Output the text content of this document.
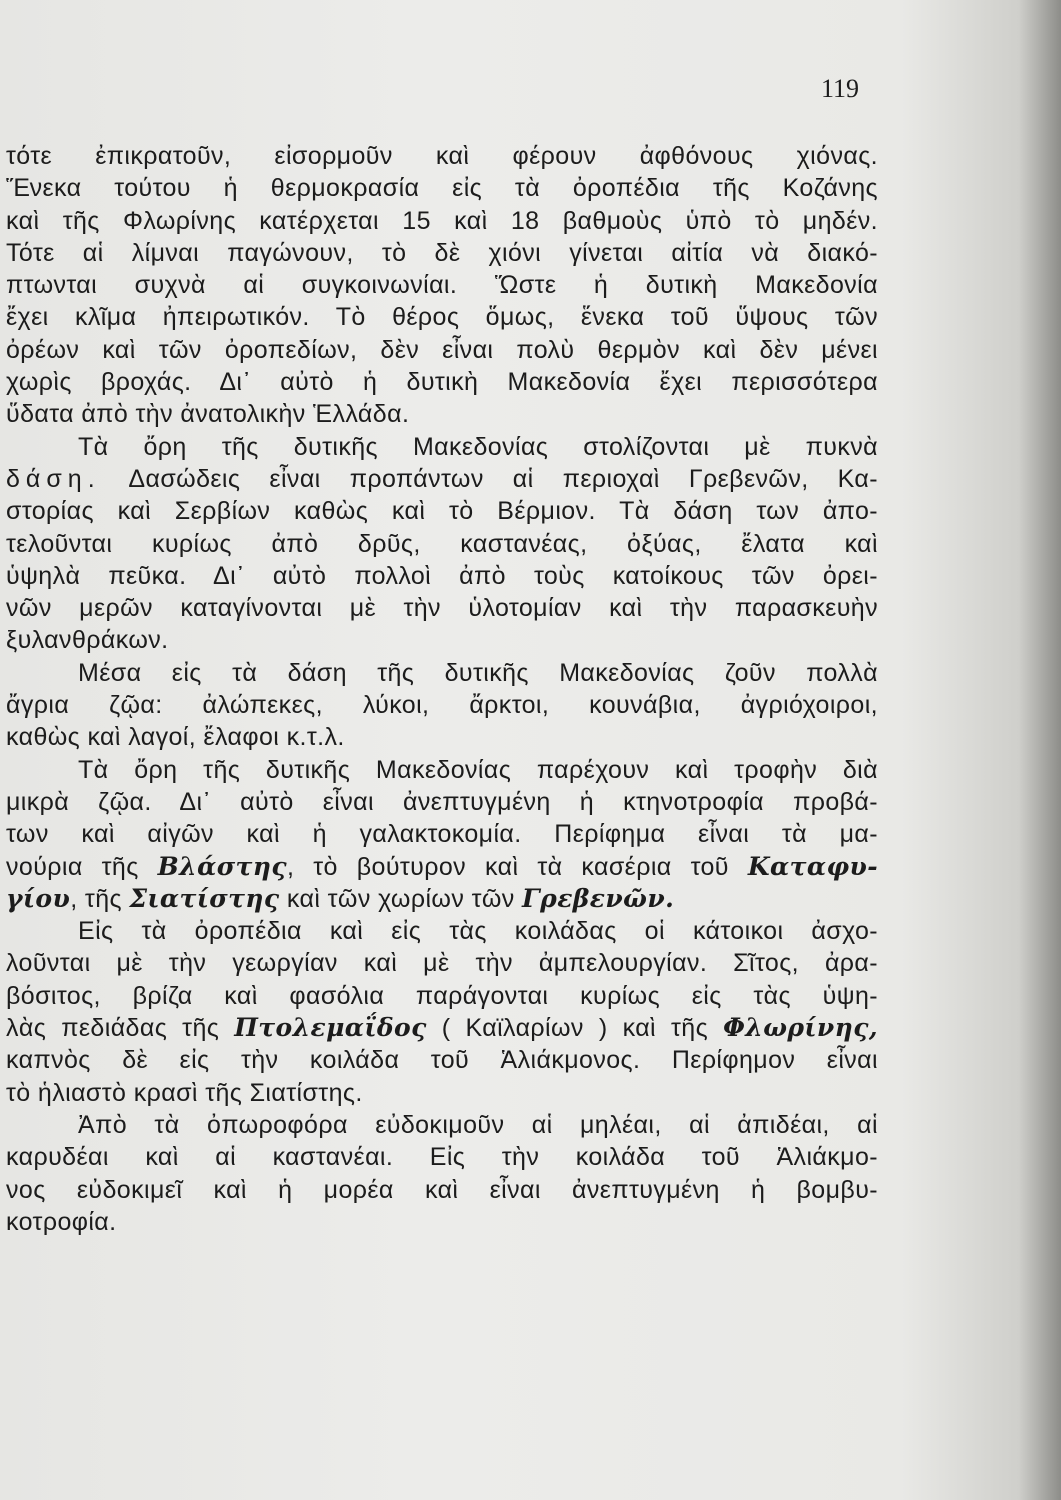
119
τότε ἐπικρατοῦν, εἰσορμοῦν καὶ φέρουν ἀφθόνους χιόνας.
Ἕνεκα τούτου ἡ θερμοκρασία εἰς τὰ ὀροπέδια τῆς Κοζάνης
καὶ τῆς Φλωρίνης κατέρχεται 15 καὶ 18 βαθμοὺς ὑπὸ τὸ μηδέν.
Τότε αἱ λίμναι παγώνουν, τὸ δὲ χιόνι γίνεται αἰτία νὰ διακό-
πτωνται συχνὰ αἱ συγκοινωνίαι. Ὥστε ἡ δυτικὴ Μακεδονία
ἔχει κλῖμα ἠπειρωτικόν. Τὸ θέρος ὅμως, ἕνεκα τοῦ ὕψους τῶν
ὀρέων καὶ τῶν ὀροπεδίων, δὲν εἶναι πολὺ θερμὸν καὶ δὲν μένει
χωρὶς βροχάς. Δι᾽ αὐτὸ ἡ δυτικὴ Μακεδονία ἔχει περισσότερα
ὕδατα ἀπὸ τὴν ἀνατολικὴν Ἑλλάδα.
Τὰ ὄρη τῆς δυτικῆς Μακεδονίας στολίζονται μὲ πυκνὰ
δάση. Δασώδεις εἶναι προπάντων αἱ περιοχαὶ Γρεβενῶν, Κα-
στορίας καὶ Σερβίων καθὼς καὶ τὸ Βέρμιον. Τὰ δάση των ἀπο-
τελοῦνται κυρίως ἀπὸ δρῦς, καστανέας, ὀξύας, ἔλατα καὶ
ὑψηλὰ πεῦκα. Δι᾽ αὐτὸ πολλοὶ ἀπὸ τοὺς κατοίκους τῶν ὀρει-
νῶν μερῶν καταγίνονται μὲ τὴν ὑλοτομίαν καὶ τὴν παρασκευὴν
ξυλανθράκων.
Μέσα εἰς τὰ δάση τῆς δυτικῆς Μακεδονίας ζοῦν πολλὰ
ἄγρια ζῷα: ἀλώπεκες, λύκοι, ἄρκτοι, κουνάβια, ἀγριόχοιροι,
καθὼς καὶ λαγοί, ἔλαφοι κ.τ.λ.
Τὰ ὄρη τῆς δυτικῆς Μακεδονίας παρέχουν καὶ τροφὴν διὰ
μικρὰ ζῷα. Δι᾽ αὐτὸ εἶναι ἀνεπτυγμένη ἡ κτηνοτροφία προβά-
των καὶ αἰγῶν καὶ ἡ γαλακτοκομία. Περίφημα εἶναι τὰ μα-
νούρια τῆς Βλάστης, τὸ βούτυρον καὶ τὰ κασέρια τοῦ Καταφυ-
γίου, τῆς Σιατίστης καὶ τῶν χωρίων τῶν Γρεβενῶν.
Εἰς τὰ ὀροπέδια καὶ εἰς τὰς κοιλάδας οἱ κάτοικοι ἀσχο-
λοῦνται μὲ τὴν γεωργίαν καὶ μὲ τὴν ἀμπελουργίαν. Σῖτος, ἀρα-
βόσιτος, βρίζα καὶ φασόλια παράγονται κυρίως εἰς τὰς ὑψη-
λὰς πεδιάδας τῆς Πτολεμαΐδος ( Καϊλαρίων ) καὶ τῆς Φλωρίνης,
καπνὸς δὲ εἰς τὴν κοιλάδα τοῦ Ἁλιάκμονος. Περίφημον εἶναι
τὸ ἡλιαστὸ κρασὶ τῆς Σιατίστης.
Ἀπὸ τὰ ὀπωροφόρα εὐδοκιμοῦν αἱ μηλέαι, αἱ ἀπιδέαι, αἱ
καρυδέαι καὶ αἱ καστανέαι. Εἰς τὴν κοιλάδα τοῦ Ἁλιάκμο-
νος εὐδοκιμεῖ καὶ ἡ μορέα καὶ εἶναι ἀνεπτυγμένη ἡ βομβυ-
κοτροφία.
